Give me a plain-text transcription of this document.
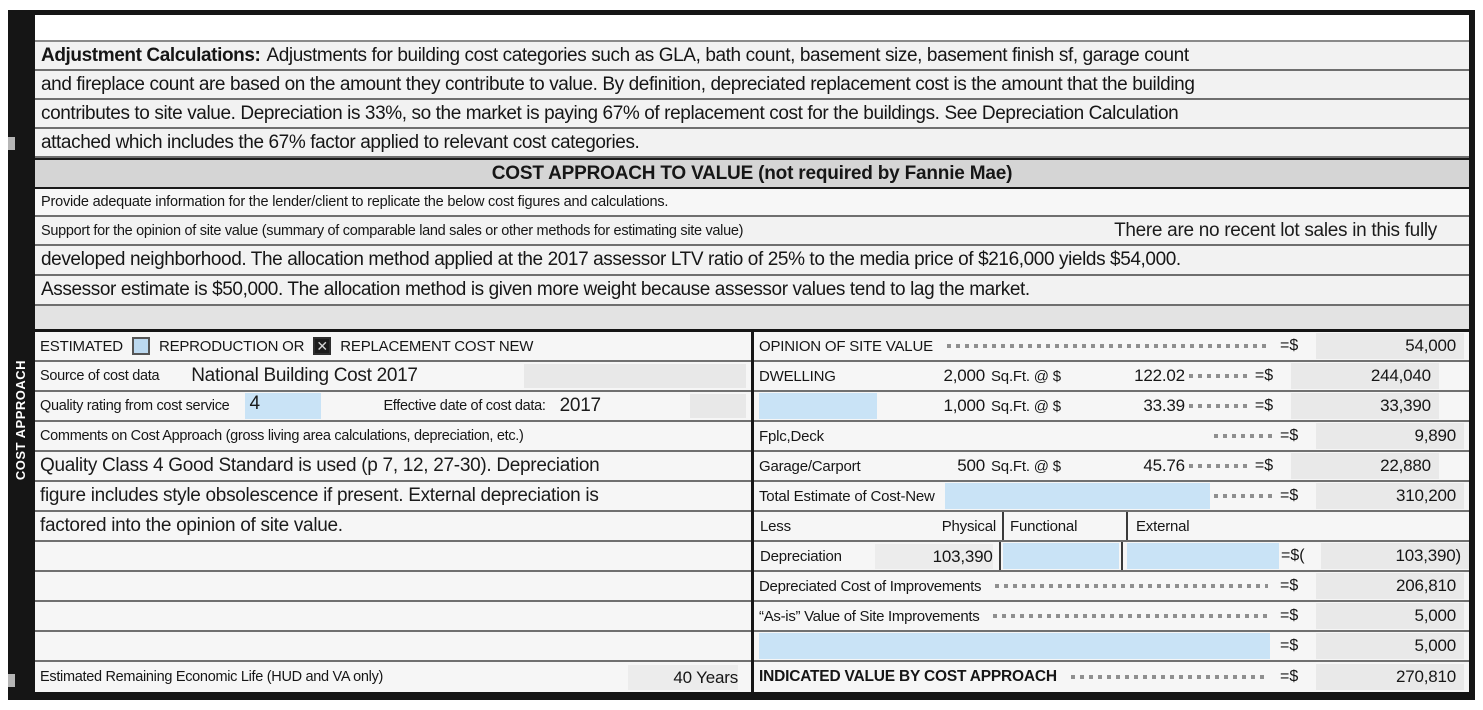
Adjustment Calculations: Adjustments for building cost categories such as GLA, bath count, basement size, basement finish sf, garage count
and fireplace count are based on the amount they contribute to value. By definition, depreciated replacement cost is the amount that the building
contributes to site value. Depreciation is 33%, so the market is paying 67% of replacement cost for the buildings. See Depreciation Calculation
attached which includes the 67% factor applied to relevant cost categories.
COST APPROACH TO VALUE (not required by Fannie Mae)
Provide adequate information for the lender/client to replicate the below cost figures and calculations.
Support for the opinion of site value (summary of comparable land sales or other methods for estimating site value)	There are no recent lot sales in this fully
developed neighborhood. The allocation method applied at the 2017 assessor LTV ratio of 25% to the media price of $216,000 yields $54,000.
Assessor estimate is $50,000. The allocation method is given more weight because assessor values tend to lag the market.
ESTIMATED REPRODUCTION OR ✕ REPLACEMENT COST NEW
Source of cost data National Building Cost 2017
Quality rating from cost service 4	Effective date of cost data: 2017
Comments on Cost Approach (gross living area calculations, depreciation, etc.)
Quality Class 4 Good Standard is used (p 7, 12, 27-30). Depreciation
figure includes style obsolescence if present. External depreciation is
factored into the opinion of site value.
Estimated Remaining Economic Life (HUD and VA only)	40 Years
OPINION OF SITE VALUE	=$	54,000
DWELLING	2,000 Sq.Ft. @ $	122.02	=$	244,040
1,000 Sq.Ft. @ $	33.39	=$	33,390
Fplc,Deck	=$	9,890
Garage/Carport	500 Sq.Ft. @ $	45.76	=$	22,880
Total Estimate of Cost-New	=$	310,200
Less	Physical Functional	External
Depreciation	103,390	=$(	103,390)
Depreciated Cost of Improvements	=$	206,810
“As-is” Value of Site Improvements	=$	5,000
=$	5,000
INDICATED VALUE BY COST APPROACH	=$	270,810
COST APPROACH
